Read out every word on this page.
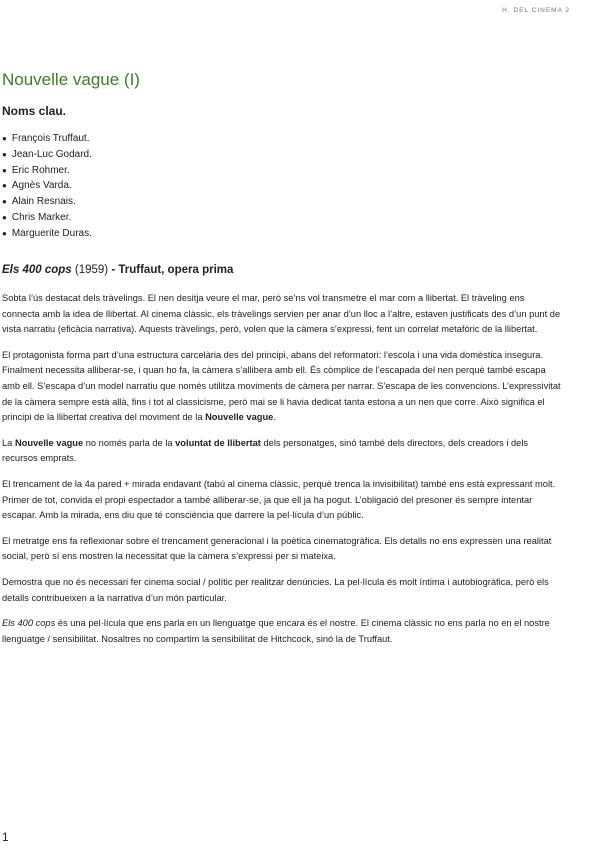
H. DEL CINEMA 2
Nouvelle vague (I)
Noms clau.
● François Truffaut.
● Jean-Luc Godard.
● Eric Rohmer.
● Agnès Varda.
● Alain Resnais.
● Chris Marker.
● Marguerite Duras.
Els 400 cops (1959) - Truffaut, opera prima

Sobta l’ús destacat dels tràvelings. El nen desitja veure el mar, però se’ns vol transmetre el mar com a llibertat. El tràveling ens connecta amb la idea de llibertat. Al cinema clàssic, els tràvelings servien per anar d’un lloc a l’altre, estaven justificats des d’un punt de vista narratiu (eficàcia narrativa). Aquests tràvelings, però, volen que la càmera s’expressi, fent un correlat metafòric de la llibertat.

El protagonista forma part d’una estructura carcelària des del principi, abans del reformatori: l’escola i una vida domèstica insegura. Finalment necessita alliberar-se, i quan ho fa, la càmera s’allibera amb ell. És còmplice de l’escapada del nen perquè també escapa amb ell. S’escapa d’un model narratiu que només utilitza moviments de càmera per narrar. S’escapa de les convencions. L’expressivitat de la càmera sempre està allà, fins i tot al classicisme, però mai se li havia dedicat tanta estona a un nen que corre. Això significa el principi de la llibertat creativa del moviment de la Nouvelle vague.

La Nouvelle vague no només parla de la voluntat de llibertat dels personatges, sinó també dels directors, dels creadors i dels recursos emprats.

El trencament de la 4a pared + mirada endavant (tabú al cinema clàssic, perquè trenca la invisibilitat) també ens està expressant molt. Primer de tot, convida el propi espectador a també alliberar-se, ja que ell ja ha pogut. L’obligació del presoner és sempre intentar escapar. Amb la mirada, ens diu que té consciència que darrere la pel·lícula d’un públic.

El metratge ens fa reflexionar sobre el trencament generacional i la poètica cinematogràfica. Els detalls no ens expressen una realitat social, però sí ens mostren la necessitat que la càmera s’expressi per si mateixa.

Demostra que no és necessari fer cinema social / polític per realitzar denúncies. La pel·lícula és molt íntima i autobiogràfica, però els detalls contribueixen a la narrativa d’un món particular.

Els 400 cops és una pel·lícula que ens parla en un llenguatge que encara és el nostre. El cinema clàssic no ens parla no en el nostre llenguatge / sensibilitat. Nosaltres no compartim la sensibilitat de Hitchcock, sinó la de Truffaut.

1
